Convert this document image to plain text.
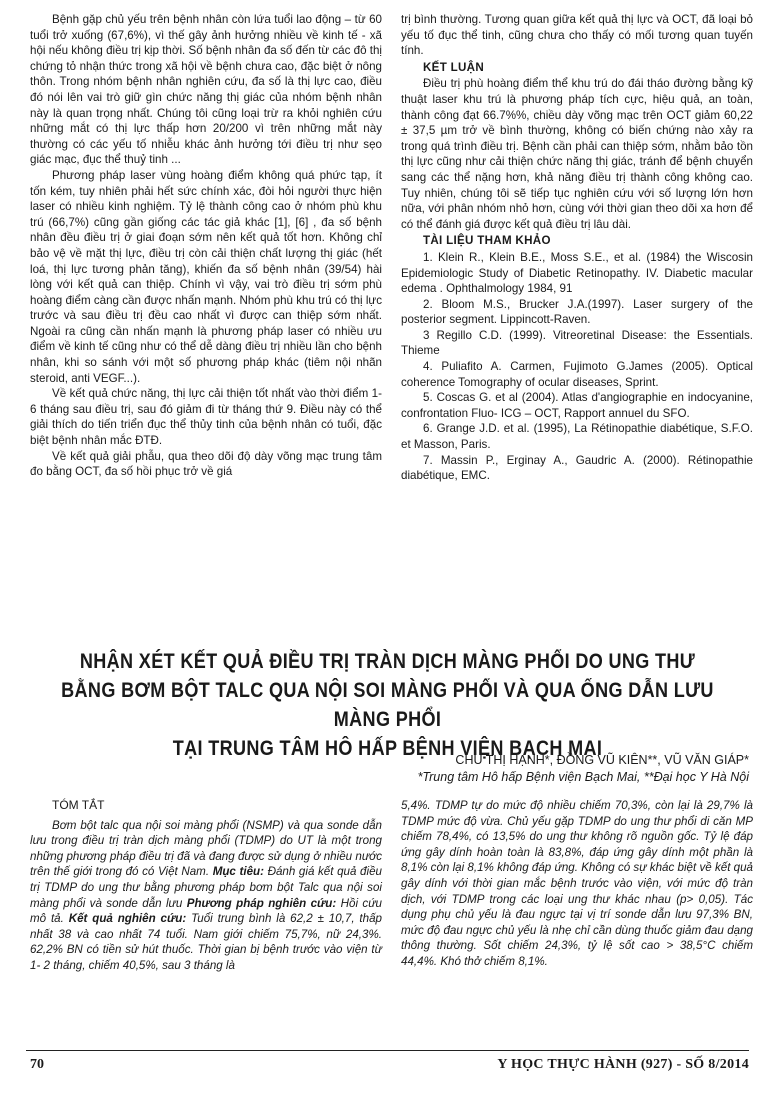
Bệnh gặp chủ yếu trên bệnh nhân còn lứa tuổi lao động – từ 60 tuổi trở xuống (67,6%), vì thế gây ảnh hưởng nhiều về kinh tế - xã hội nếu không điều trị kịp thời. Số bệnh nhân đa số đến từ các đô thị chứng tỏ nhận thức trong xã hội về bệnh chưa cao, đặc biệt ở nông thôn. Trong nhóm bệnh nhân nghiên cứu, đa số là thị lực cao, điều đó nói lên vai trò giữ gìn chức năng thị giác của nhóm bệnh nhân này là quan trọng nhất. Chúng tôi cũng loại trừ ra khỏi nghiên cứu những mắt có thị lực thấp hơn 20/200 vì trên những mắt này thường có các yếu tố nhiễu khác ảnh hưởng tới điều trị như sẹo giác mạc, đục thể thuỷ tinh ...

Phương pháp laser vùng hoàng điểm không quá phức tạp, ít tốn kém, tuy nhiên phải hết sức chính xác, đòi hỏi người thực hiện laser có nhiều kinh nghiệm. Tỷ lệ thành công cao ở nhóm phù khu trú (66,7%) cũng gần giống các tác giả khác [1], [6] , đa số bệnh nhân đều điều trị ở giai đoạn sớm nên kết quả tốt hơn. Không chỉ bảo vệ về mặt thị lực, điều trị còn cải thiện chất lượng thị giác (hết loá, thị lực tương phản tăng), khiến đa số bệnh nhân (39/54) hài lòng với kết quả can thiệp. Chính vì vậy, vai trò điều trị sớm phù hoàng điểm càng cần được nhấn mạnh. Nhóm phù khu trú có thị lực trước và sau điều trị đều cao nhất vì được can thiệp sớm nhất. Ngoài ra cũng cần nhấn mạnh là phương pháp laser có nhiều ưu điểm về kinh tế cũng như có thể dễ dàng điều trị nhiều lần cho bệnh nhân, khi so sánh với một số phương pháp khác (tiêm nội nhãn steroid, anti VEGF...).

Về kết quả chức năng, thị lực cải thiện tốt nhất vào thời điểm 1- 6 tháng sau điều trị, sau đó giảm đi từ tháng thứ 9. Điều này có thể giải thích do tiến triển đục thể thủy tinh của bệnh nhân có tuổi, đặc biệt bệnh nhân mắc ĐTĐ.

Về kết quả giải phẫu, qua theo dõi độ dày võng mạc trung tâm đo bằng OCT, đa số hồi phục trở về giá

trị bình thường. Tương quan giữa kết quả thị lực và OCT, đã loại bỏ yếu tố đục thể tinh, cũng chưa cho thấy có mối tương quan tuyến tính.

KẾT LUẬN

Điều trị phù hoàng điểm thể khu trú do đái tháo đường bằng kỹ thuật laser khu trú là phương pháp tích cực, hiệu quả, an toàn, thành công đạt 66.7%%, chiều dày võng mạc trên OCT giảm 60,22 ± 37,5 µm trở về bình thường, không có biến chứng nào xảy ra trong quá trình điều trị. Bệnh cần phải can thiệp sớm, nhằm bảo tồn thị lực cũng như cải thiện chức năng thị giác, tránh để bệnh chuyển sang các thể nặng hơn, khả năng điều trị thành công không cao. Tuy nhiên, chúng tôi sẽ tiếp tục nghiên cứu với số lượng lớn hơn nữa, với phân nhóm nhỏ hơn, cùng với thời gian theo dõi xa hơn để có thể đánh giá được kết quả điều trị lâu dài.

TÀI LIỆU THAM KHẢO

1. Klein R., Klein B.E., Moss S.E., et al. (1984) the Wiscosin Epidemiologic Study of Diabetic Retinopathy. IV. Diabetic macular edema . Ophthalmology 1984, 91

2. Bloom M.S., Brucker J.A.(1997). Laser surgery of the posterior segment. Lippincott-Raven.

3 Regillo C.D. (1999). Vitreoretinal Disease: the Essentials. Thieme

4. Puliafito A. Carmen, Fujimoto G.James (2005). Optical coherence Tomography of ocular diseases, Sprint.

5. Coscas G. et al (2004). Atlas d'angiographie en indocyanine, confrontation Fluo- ICG – OCT, Rapport annuel du SFO.

6. Grange J.D. et al. (1995), La Rétinopathie diabétique, S.F.O. et Masson, Paris.

7. Massin P., Erginay A., Gaudric A. (2000). Rétinopathie diabétique, EMC.

NHẬN XÉT KẾT QUẢ ĐIỀU TRỊ TRÀN DỊCH MÀNG PHỔI DO UNG THƯ
BẰNG BƠM BỘT TALC QUA NỘI SOI MÀNG PHỔI VÀ QUA ỐNG DẪN LƯU MÀNG PHỔI
TẠI TRUNG TÂM HÔ HẤP BỆNH VIỆN BẠCH MAI
CHU THỊ HẠNH*, ĐỒNG VŨ KIÊN**, VŨ VĂN GIÁP*
*Trung tâm Hô hấp Bệnh viện Bạch Mai, **Đại học Y Hà Nội
TÓM TẮT

Bơm bột talc qua nội soi màng phổi (NSMP) và qua sonde dẫn lưu trong điều trị tràn dịch màng phổi (TDMP) do UT là một trong những phương pháp điều trị đã và đang được sử dụng ở nhiều nước trên thế giới trong đó có Việt Nam. Mục tiêu: Đánh giá kết quả điều trị TDMP do ung thư bằng phương pháp bơm bột Talc qua nội soi màng phổi và sonde dẫn lưu Phương pháp nghiên cứu: Hồi cứu mô tả. Kết quả nghiên cứu: Tuổi trung bình là 62,2 ± 10,7, thấp nhất 38 và cao nhất 74 tuổi. Nam giới chiếm 75,7%, nữ 24,3%. 62,2% BN có tiền sử hút thuốc. Thời gian bị bệnh trước vào viện từ 1- 2 tháng, chiếm 40,5%, sau 3 tháng là

5,4%. TDMP tự do mức độ nhiều chiếm 70,3%, còn lại là 29,7% là TDMP mức độ vừa. Chủ yếu gặp TDMP do ung thư phổi di căn MP chiếm 78,4%, có 13,5% do ung thư không rõ nguồn gốc. Tỷ lệ đáp ứng gây dính hoàn toàn là 83,8%, đáp ứng gây dính một phần là 8,1% còn lại 8,1% không đáp ứng. Không có sự khác biệt về kết quả gây dính với thời gian mắc bệnh trước vào viện, với mức độ tràn dịch, với TDMP trong các loại ung thư khác nhau (p> 0,05). Tác dụng phụ chủ yếu là đau ngực tại vị trí sonde dẫn lưu 97,3% BN, mức độ đau ngực chủ yếu là nhẹ chỉ cần dùng thuốc giảm đau dạng thông thường. Sốt chiếm 24,3%, tỷ lệ sốt cao > 38,5°C chiếm 44,4%. Khó thở chiếm 8,1%.

70	Y HỌC THỰC HÀNH (927) - SỐ 8/2014
